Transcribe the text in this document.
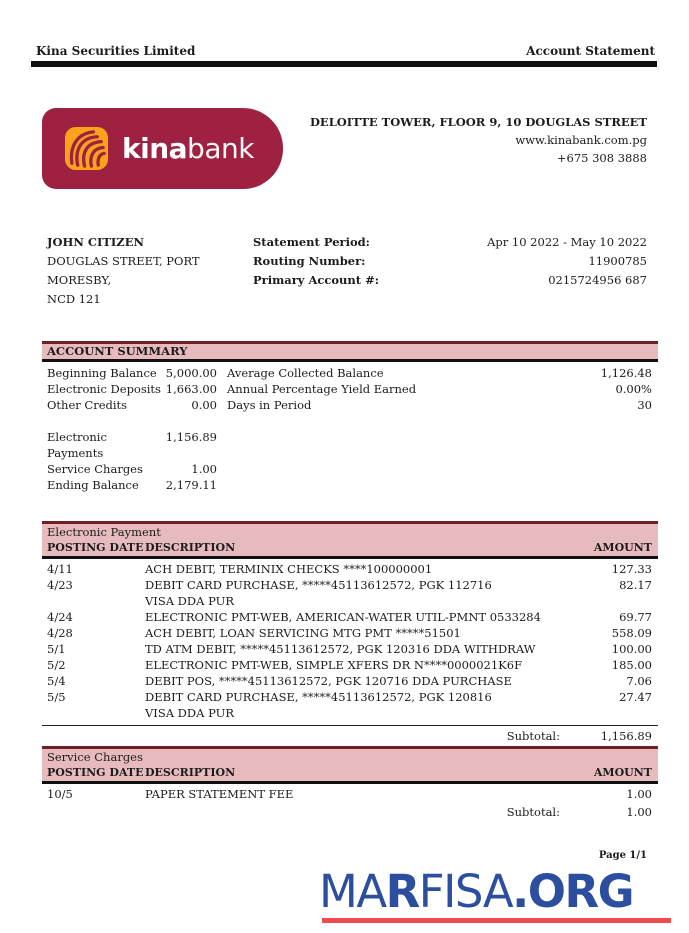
Kina Securities Limited	Account Statement
kinabank
DELOITTE TOWER, FLOOR 9, 10 DOUGLAS STREET
www.kinabank.com.pg
+675 308 3888
JOHN CITIZEN
DOUGLAS STREET, PORT MORESBY,
NCD 121
Statement Period:	Apr 10 2022 - May 10 2022
Routing Number:	11900785
Primary Account #:	0215724956 687
ACCOUNT SUMMARY
Beginning Balance 5,000.00
Electronic Deposits 1,663.00
Other Credits	0.00
Electronic Payments
1,156.89
Service Charges	1.00
Ending Balance 2,179.11
Average Collected Balance	1,126.48
Annual Percentage Yield Earned	0.00%
Days in Period	30
Electronic Payment
POSTING DATE DESCRIPTION	AMOUNT
4/11	ACH DEBIT, TERMINIX CHECKS ****100000001	127.33
4/23	DEBIT CARD PURCHASE, *****45113612572, PGK 112716
VISA DDA PUR
82.17
4/24	ELECTRONIC PMT-WEB, AMERICAN-WATER UTIL-PMNT 0533284	69.77
4/28	ACH DEBIT, LOAN SERVICING MTG PMT *****51501	558.09
5/1	TD ATM DEBIT, *****45113612572, PGK 120316 DDA WITHDRAW	100.00
5/2	ELECTRONIC PMT-WEB, SIMPLE XFERS DR N****0000021K6F	185.00
5/4	DEBIT POS, *****45113612572, PGK 120716 DDA PURCHASE	7.06
5/5	DEBIT CARD PURCHASE, *****45113612572, PGK 120816
VISA DDA PUR
27.47
Subtotal:	1,156.89
Service Charges
POSTING DATE DESCRIPTION	AMOUNT
10/5	PAPER STATEMENT FEE	1.00
Subtotal:	1.00
Page 1/1
MARFISA.ORG
